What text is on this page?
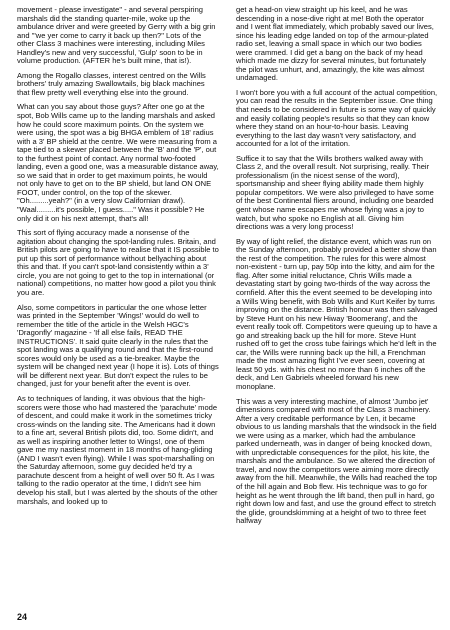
movement - please investigate" - and several perspiring marshals did the standing quarter-mile, woke up the ambulance driver and were greeted by Gerry with a big grin and '"we yer come to carry it back up then?" Lots of the other Class 3 machines were interesting, including Miles Handley's new and very successful, 'Gulp' soon to be in volume production. (AFTER he's built mine, that is!).

Among the Rogallo classes, interest centred on the Wills brothers' truly amazing Swallowtails, big black machines that flew pretty well everything else into the ground.

What can you say about those guys? After one go at the spot, Bob Wills came up to the landing marshals and asked how he could score maximum points. On the system we were using, the spot was a big BHGA emblem of 18' radius with a 3' BP shield at the centre. We were measuring from a tape tied to a skewer placed between the 'B' and the 'P', out to the furthest point of contact. Any normal two-footed landing, even a good one, was a measurable distance away, so we said that in order to get maximum points, he would not only have to get on to the BP shield, but land ON ONE FOOT, under control, on the top of the skewer. "Oh.........yeah?" (in a very slow Californian drawl). "Waal.........it's possible, I guess....." Was it possible? He only did it on his next attempt, that's all!

This sort of flying accuracy made a nonsense of the agitation about changing the spot-landing rules. Britain, and British pilots are going to have to realise that it IS possible to put up this sort of performance without bellyaching about this and that. If you can't spot-land consistently within a 3' circle, you are not going to get to the top in international (or national) competitions, no matter how good a pilot you think you are.

Also, some competitors in particular the one whose letter was printed in the September 'Wings!' would do well to remember the title of the article in the Welsh HGC's 'Dragonfly' magazine - 'If all else fails, READ THE INSTRUCTIONS'. It said quite clearly in the rules that the spot landing was a qualifying round and that the first-round scores would only be used as a tie-breaker. Maybe the system will be changed next year (I hope it is). Lots of things will be different next year. But don't expect the rules to be changed, just for your benefit after the event is over.

As to techniques of landing, it was obvious that the high-scorers were those who had mastered the 'parachute' mode of descent, and could make it work in the sometimes tricky cross-winds on the landing site. The Americans had it down to a fine art, several British pilots did, too. Some didn't, and as well as inspiring another letter to Wings!, one of them gave me my nastiest moment in 18 months of hang-gliding (AND I wasn't even flying). While I was spot-marshalling on the Saturday afternoon, some guy decided he'd try a parachute descent from a height of well over 50 ft. As I was talking to the radio operator at the time, I didn't see him develop his stall, but I was alerted by the shouts of the other marshals, and looked up to

get a head-on view straight up his keel, and he was descending in a nose-dive right at me! Both the operator and I went flat immediately, which probably saved our lives, since his leading edge landed on top of the armour-plated radio set, leaving a small space in which our two bodies were crammed. I did get a bang on the back of my head which made me dizzy for several minutes, but fortunately the pilot was unhurt, and, amazingly, the kite was almost undamaged.

I won't bore you with a full account of the actual competition, you can read the results in the September issue. One thing that needs to be considered in future is some way of quickly and easily collating people's results so that they can know where they stand on an hour-to-hour basis. Leaving everything to the last day wasn't very satisfactory, and accounted for a lot of the irritation.

Suffice it to say that the Wills brothers walked away with Class 2, and the overall result. Not surprising, really. Their professionalism (in the nicest sense of the word), sportsmanship and sheer flying ability made them highly popular competitors. We were also privileged to have some of the best Continental fliers around, including one bearded gent whose name escapes me whose flying was a joy to watch, but who spoke no English at all. Giving him directions was a very long process!

By way of light relief, the distance event, which was run on the Sunday afternoon, probably provided a better show than the rest of the competition. The rules for this were almost non-existent - turn up, pay 50p into the kitty, and aim for the flag. After some initial reluctance, Chris Wills made a devastating start by going two-thirds of the way across the cornfield. After this the event seemed to be developing into a Wills Wing benefit, with Bob Wills and Kurt Keifer by turns improving on the distance. British honour was then salvaged by Steve Hunt on his new Hiway 'Boomerang', and the event really took off. Competitors were queuing up to have a go and streaking back up the hill for more. Steve Hunt rushed off to get the cross tube fairings which he'd left in the car, the Wills were running back up the hill, a Frenchman made the most amazing flight I've ever seen, covering at least 50 yds. with his chest no more than 6 inches off the deck, and Len Gabriels wheeled forward his new monoplane.

This was a very interesting machine, of almost 'Jumbo jet' dimensions compared with most of the Class 3 machinery. After a very creditable performance by Len, it became obvious to us landing marshals that the windsock in the field we were using as a marker, which had the ambulance parked underneath, was in danger of being knocked down, with unpredictable consequences for the pilot, his kite, the marshals and the ambulance. So we altered the direction of travel, and now the competitors were aiming more directly away from the hill. Meanwhile, the Wills had reached the top of the hill again and Bob flew. His technique was to go for height as he went through the lift band, then pull in hard, go right down low and fast, and use the ground effect to stretch the glide, groundskimming at a height of two to three feet halfway

24
